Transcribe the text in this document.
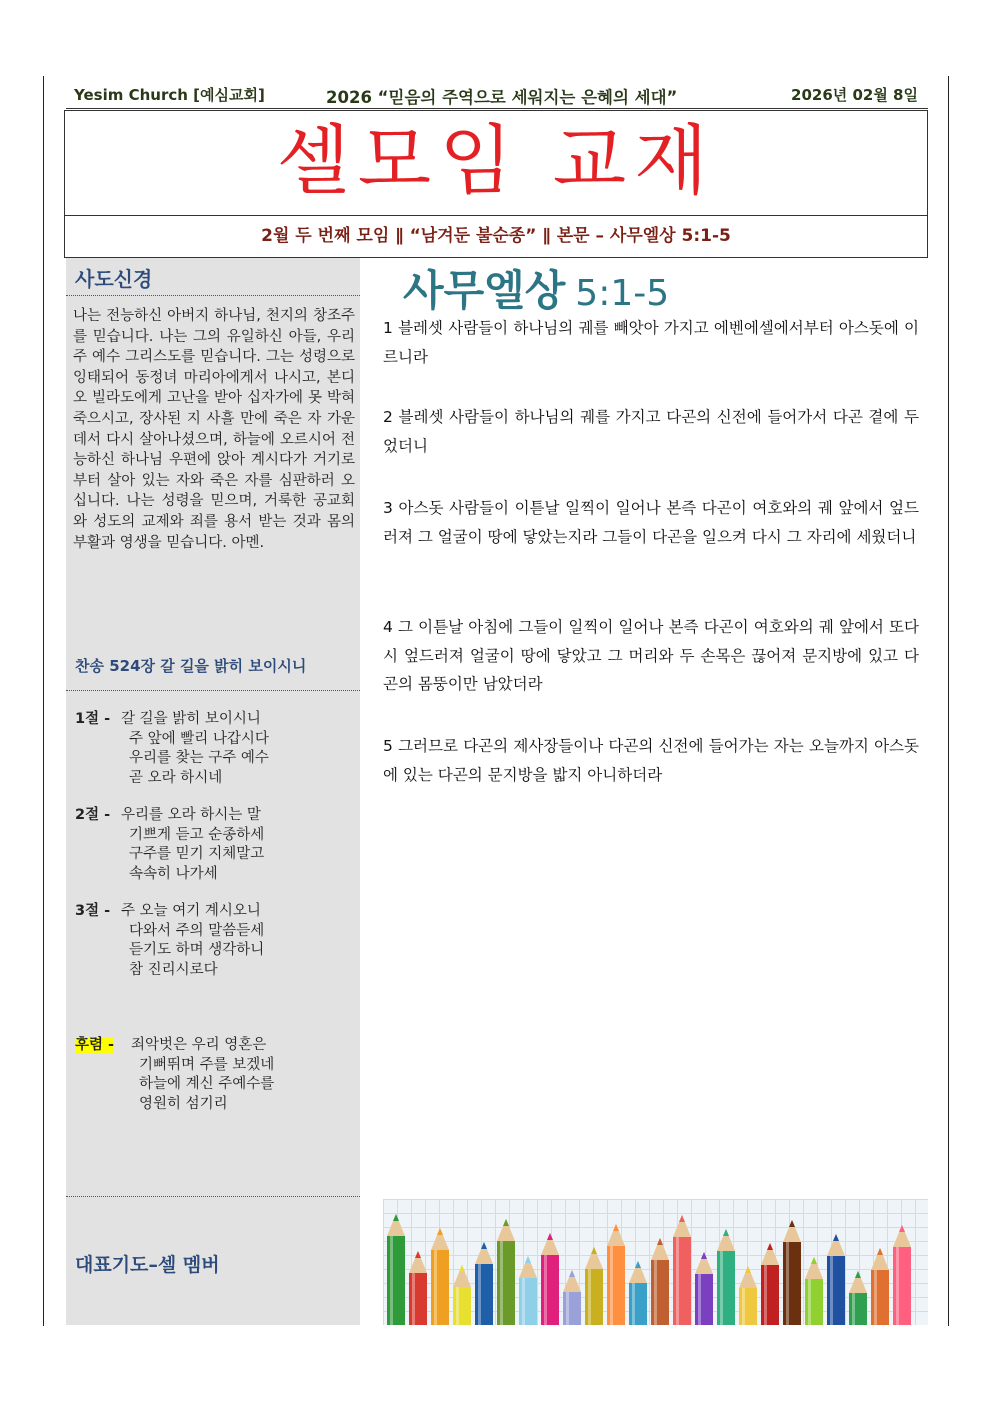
Yesim Church [예심교회]	2026 “믿음의 주역으로 세워지는 은혜의 세대”	2026년 02월 8일
셀모임 교재
2월 두 번째 모임 ∥ “남겨둔 불순종” ∥ 본문 – 사무엘상 5:1-5
사도신경
나는 전능하신 아버지 하나님, 천지의 창조주를 믿습니다. 나는 그의 유일하신 아들, 우리 주 예수 그리스도를 믿습니다. 그는 성령으로 잉태되어 동정녀 마리아에게서 나시고, 본디오 빌라도에게 고난을 받아 십자가에 못 박혀 죽으시고, 장사된 지 사흘 만에 죽은 자 가운데서 다시 살아나셨으며, 하늘에 오르시어 전능하신 하나님 우편에 앉아 계시다가 거기로부터 살아 있는 자와 죽은 자를 심판하러 오십니다. 나는 성령을 믿으며, 거룩한 공교회와 성도의 교제와 죄를 용서 받는 것과 몸의 부활과 영생을 믿습니다. 아멘.
찬송 524장 갈 길을 밝히 보이시니
1절 - 갈 길을 밝히 보이시니
주 앞에 빨리 나갑시다
우리를 찾는 구주 예수
곧 오라 하시네
2절 - 우리를 오라 하시는 말
기쁘게 듣고 순종하세
구주를 믿기 지체말고
속속히 나가세
3절 - 주 오늘 여기 계시오니
다와서 주의 말씀듣세
듣기도 하며 생각하니
참 진리시로다
후렴 - 죄악벗은 우리 영혼은
기뻐뛰며 주를 보겠네
하늘에 계신 주예수를
영원히 섬기리
대표기도–셀 멤버
사무엘상 5:1-5
1 블레셋 사람들이 하나님의 궤를 빼앗아 가지고 에벤에셀에서부터 아스돗에 이르니라
2 블레셋 사람들이 하나님의 궤를 가지고 다곤의 신전에 들어가서 다곤 곁에 두었더니
3 아스돗 사람들이 이튿날 일찍이 일어나 본즉 다곤이 여호와의 궤 앞에서 엎드러져 그 얼굴이 땅에 닿았는지라 그들이 다곤을 일으켜 다시 그 자리에 세웠더니
4 그 이튿날 아침에 그들이 일찍이 일어나 본즉 다곤이 여호와의 궤 앞에서 또다시 엎드러져 얼굴이 땅에 닿았고 그 머리와 두 손목은 끊어져 문지방에 있고 다곤의 몸뚱이만 남았더라
5 그러므로 다곤의 제사장들이나 다곤의 신전에 들어가는 자는 오늘까지 아스돗에 있는 다곤의 문지방을 밟지 아니하더라
